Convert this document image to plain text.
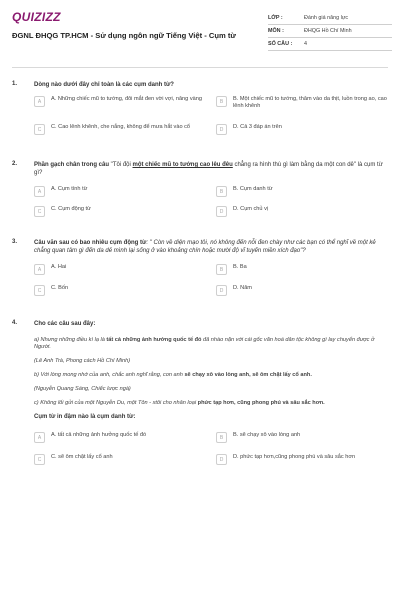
QUIZIZZ
ĐGNL ĐHQG TP.HCM - Sử dụng ngôn ngữ Tiếng Việt - Cụm từ
LỚP :	Đánh giá năng lực
MÔN :	ĐHQG Hồ Chí Minh
SỐ CÂU :	4
1.	Dòng nào dưới đây chỉ toàn là các cụm danh từ?
A	A. Những chiếc mũ to tướng, đôi mắt đen vời vợi, nâng vàng	B	B. Một chiếc mũ to tướng, thâm vào da thịt, luồn trong ao, cao lênh khênh
C	C. Cao lênh khênh, che nắng, không để mưa hắt vào cổ	D	D. Cả 3 đáp án trên
2.	Phần gạch chân trong câu "Tôi đội một chiếc mũ to tướng cao lêu đêu chẳng ra hình thù gì làm bằng da một con dê" là cụm từ gì?
A	A. Cụm tính từ	B	B. Cụm danh từ
C	C. Cụm động từ	D	D. Cụm chủ vị
3.	Câu văn sau có bao nhiêu cụm động từ: " Còn về diện mạo tôi, nó không đến nỗi đen chày như các bạn có thể nghĩ về một kẻ chẳng quan tâm gì đến da dẻ mình lại sống ở vào khoảng chín hoặc mười độ vĩ tuyến miền xích đạo"?
A	A. Hai	B	B. Ba
C	C. Bốn	D	D. Năm
4.	Cho các câu sau đây:

a) Nhưng những điều kì lạ là tất cả những ảnh hưởng quốc tế đó đã nhào nặn với cái gốc văn hoá dân tộc không gì lay chuyển được ở Người.

(Lê Anh Trà, Phong cách Hồ Chí Minh)

b) Với lòng mong nhớ của anh, chắc anh nghĩ rằng, con anh sẽ chạy xô vào lòng anh, sẽ ôm chặt lấy cổ anh.

(Nguyễn Quang Sáng, Chiếc lược ngà)

c) Không lối gửi của một Nguyễn Du, một Tôn - xtôi cho nhân loại phức tạp hơn, cũng phong phú và sâu sắc hơn.

Cụm từ in đậm nào là cụm danh từ:
A	A. tất cả những ảnh hưởng quốc tế đó	B	B. sẽ chạy xô vào lòng anh
C	C. sẽ ôm chặt lấy cổ anh	D	D. phức tạp hơn,cũng phong phú và sâu sắc hơn
